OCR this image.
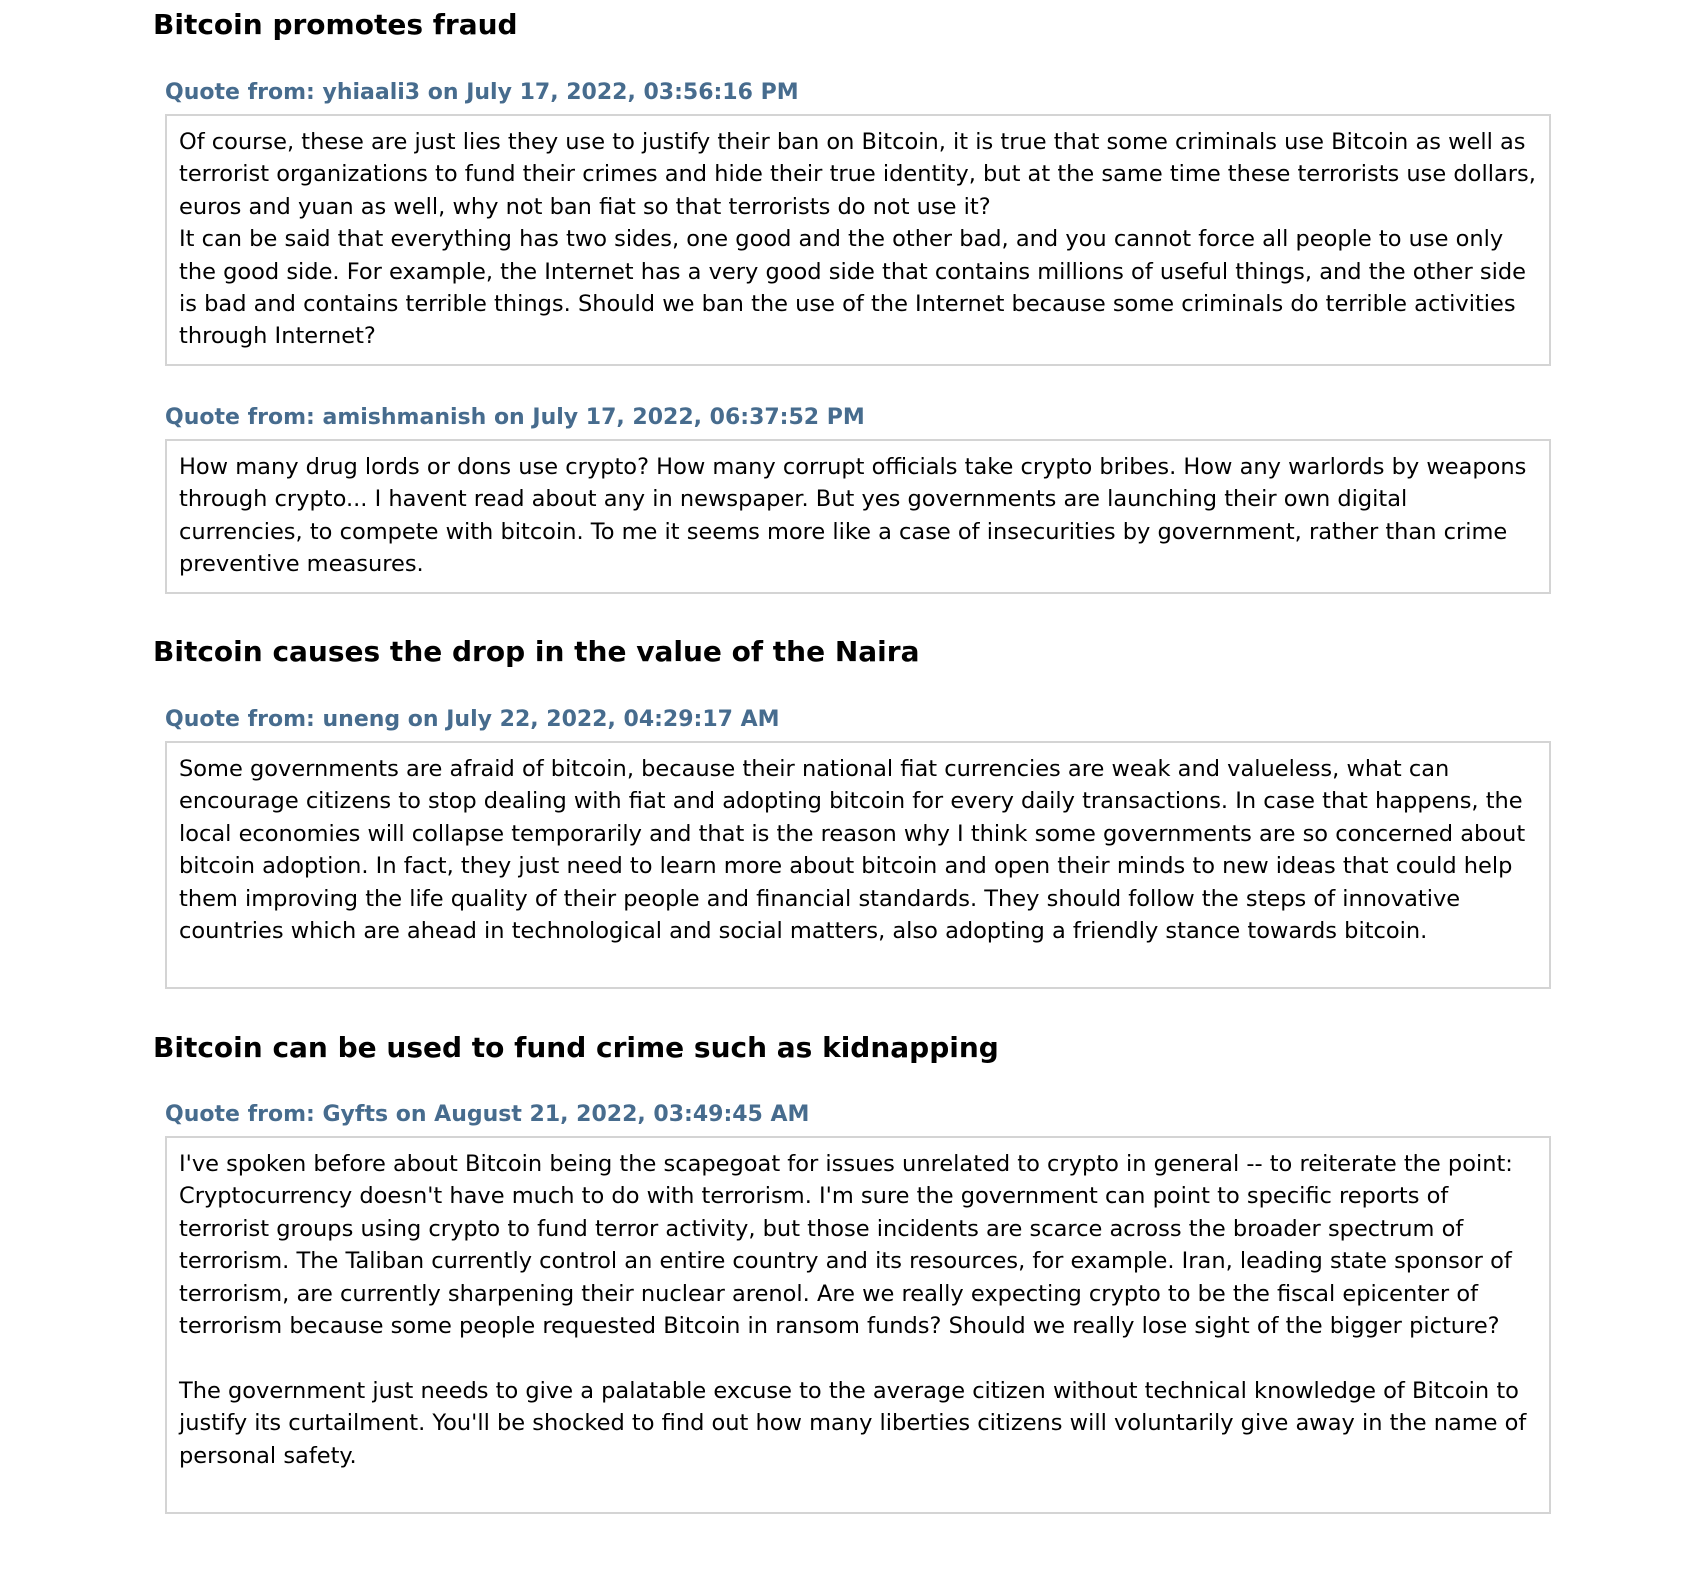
Bitcoin promotes fraud
Quote from: yhiaali3 on July 17, 2022, 03:56:16 PM

Of course, these are just lies they use to justify their ban on Bitcoin, it is true that some criminals use Bitcoin as well as terrorist organizations to fund their crimes and hide their true identity, but at the same time these terrorists use dollars, euros and yuan as well, why not ban fiat so that terrorists do not use it?

It can be said that everything has two sides, one good and the other bad, and you cannot force all people to use only the good side. For example, the Internet has a very good side that contains millions of useful things, and the other side is bad and contains terrible things. Should we ban the use of the Internet because some criminals do terrible activities through Internet?

Quote from: amishmanish on July 17, 2022, 06:37:52 PM

How many drug lords or dons use crypto? How many corrupt officials take crypto bribes. How any warlords by weapons through crypto... I havent read about any in newspaper. But yes governments are launching their own digital currencies, to compete with bitcoin. To me it seems more like a case of insecurities by government, rather than crime preventive measures.

Bitcoin causes the drop in the value of the Naira
Quote from: uneng on July 22, 2022, 04:29:17 AM

Some governments are afraid of bitcoin, because their national fiat currencies are weak and valueless, what can encourage citizens to stop dealing with fiat and adopting bitcoin for every daily transactions. In case that happens, the local economies will collapse temporarily and that is the reason why I think some governments are so concerned about bitcoin adoption. In fact, they just need to learn more about bitcoin and open their minds to new ideas that could help them improving the life quality of their people and financial standards. They should follow the steps of innovative countries which are ahead in technological and social matters, also adopting a friendly stance towards bitcoin.

Bitcoin can be used to fund crime such as kidnapping
Quote from: Gyfts on August 21, 2022, 03:49:45 AM

I've spoken before about Bitcoin being the scapegoat for issues unrelated to crypto in general -- to reiterate the point: Cryptocurrency doesn't have much to do with terrorism. I'm sure the government can point to specific reports of terrorist groups using crypto to fund terror activity, but those incidents are scarce across the broader spectrum of terrorism. The Taliban currently control an entire country and its resources, for example. Iran, leading state sponsor of terrorism, are currently sharpening their nuclear arenol. Are we really expecting crypto to be the fiscal epicenter of terrorism because some people requested Bitcoin in ransom funds? Should we really lose sight of the bigger picture?

The government just needs to give a palatable excuse to the average citizen without technical knowledge of Bitcoin to justify its curtailment. You'll be shocked to find out how many liberties citizens will voluntarily give away in the name of personal safety.
